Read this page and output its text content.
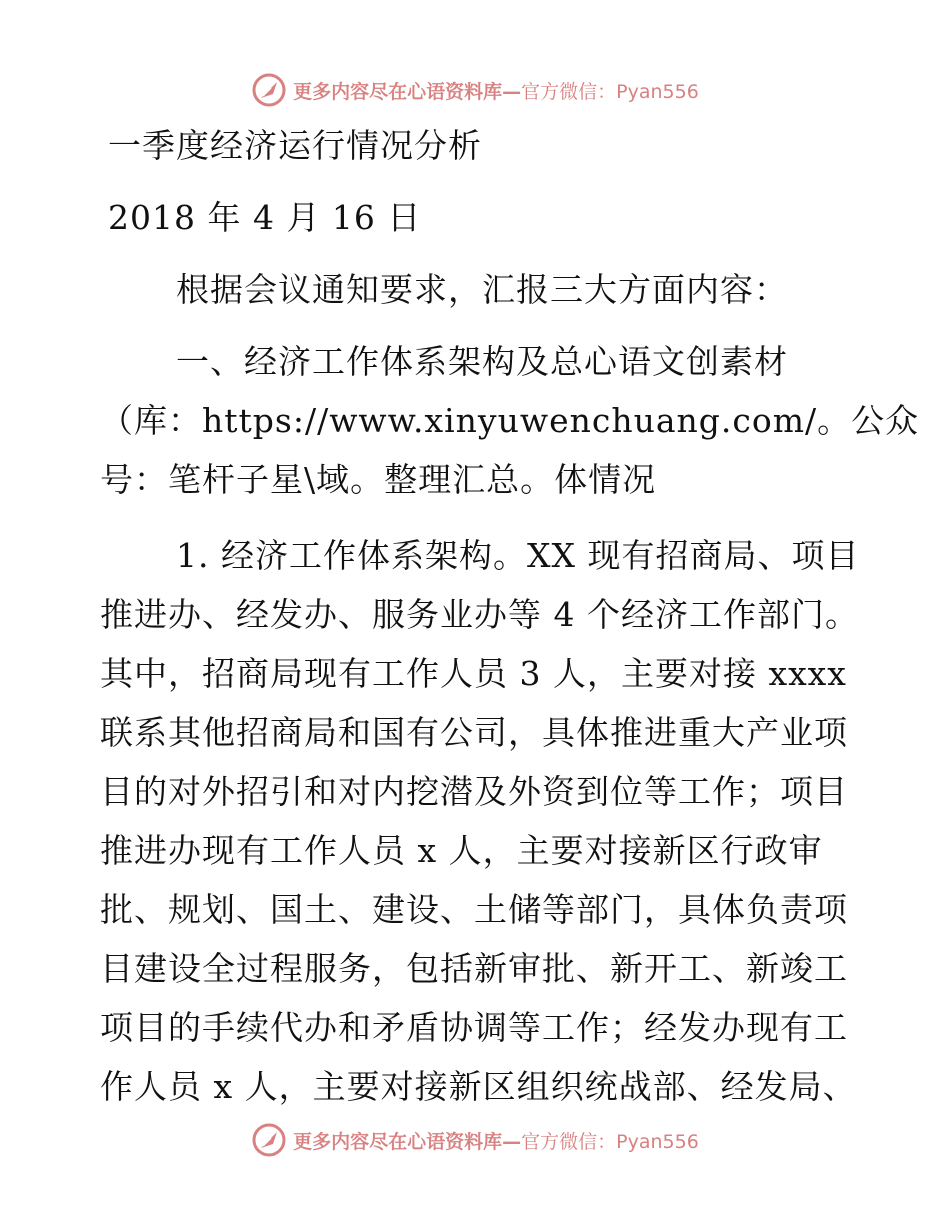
更多内容尽在心语资料库—官方微信：Pyan556
一季度经济运行情况分析
2018 年 4 月 16 日
根据会议通知要求，汇报三大方面内容：
一、经济工作体系架构及总心语文创素材
（库：https://www.xinyuwenchuang.com/。公众
号：笔杆子星\域。整理汇总。体情况
1. 经济工作体系架构。XX 现有招商局、项目
推进办、经发办、服务业办等 4 个经济工作部门。
其中，招商局现有工作人员 3 人，主要对接 xxxx
联系其他招商局和国有公司，具体推进重大产业项
目的对外招引和对内挖潜及外资到位等工作；项目
推进办现有工作人员 x 人，主要对接新区行政审
批、规划、国土、建设、土储等部门，具体负责项
目建设全过程服务，包括新审批、新开工、新竣工
项目的手续代办和矛盾协调等工作；经发办现有工
作人员 x 人，主要对接新区组织统战部、经发局、
更多内容尽在心语资料库—官方微信：Pyan556
